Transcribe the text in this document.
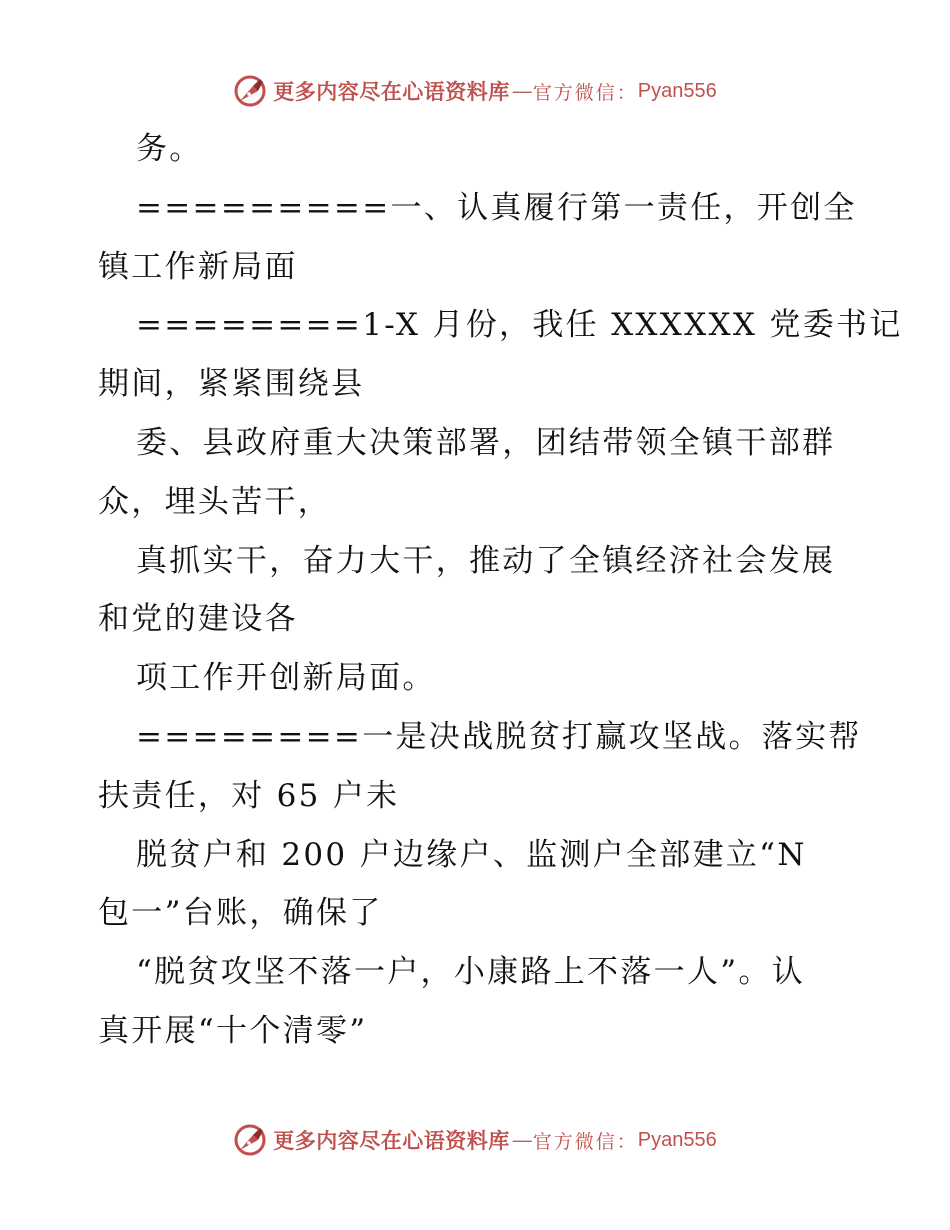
更多内容尽在心语资料库 — 官方微信： Pyan556
务。
=========一、认真履行第一责任，开创全
镇工作新局面
========1-X 月份，我任 XXXXXX 党委书记
期间，紧紧围绕县
委、县政府重大决策部署，团结带领全镇干部群
众，埋头苦干，
真抓实干，奋力大干，推动了全镇经济社会发展
和党的建设各
项工作开创新局面。
========一是决战脱贫打赢攻坚战。落实帮
扶责任，对 65 户未
脱贫户和 200 户边缘户、监测户全部建立“N
包一”台账，确保了
“脱贫攻坚不落一户，小康路上不落一人”。认
真开展“十个清零”
更多内容尽在心语资料库 — 官方微信： Pyan556
